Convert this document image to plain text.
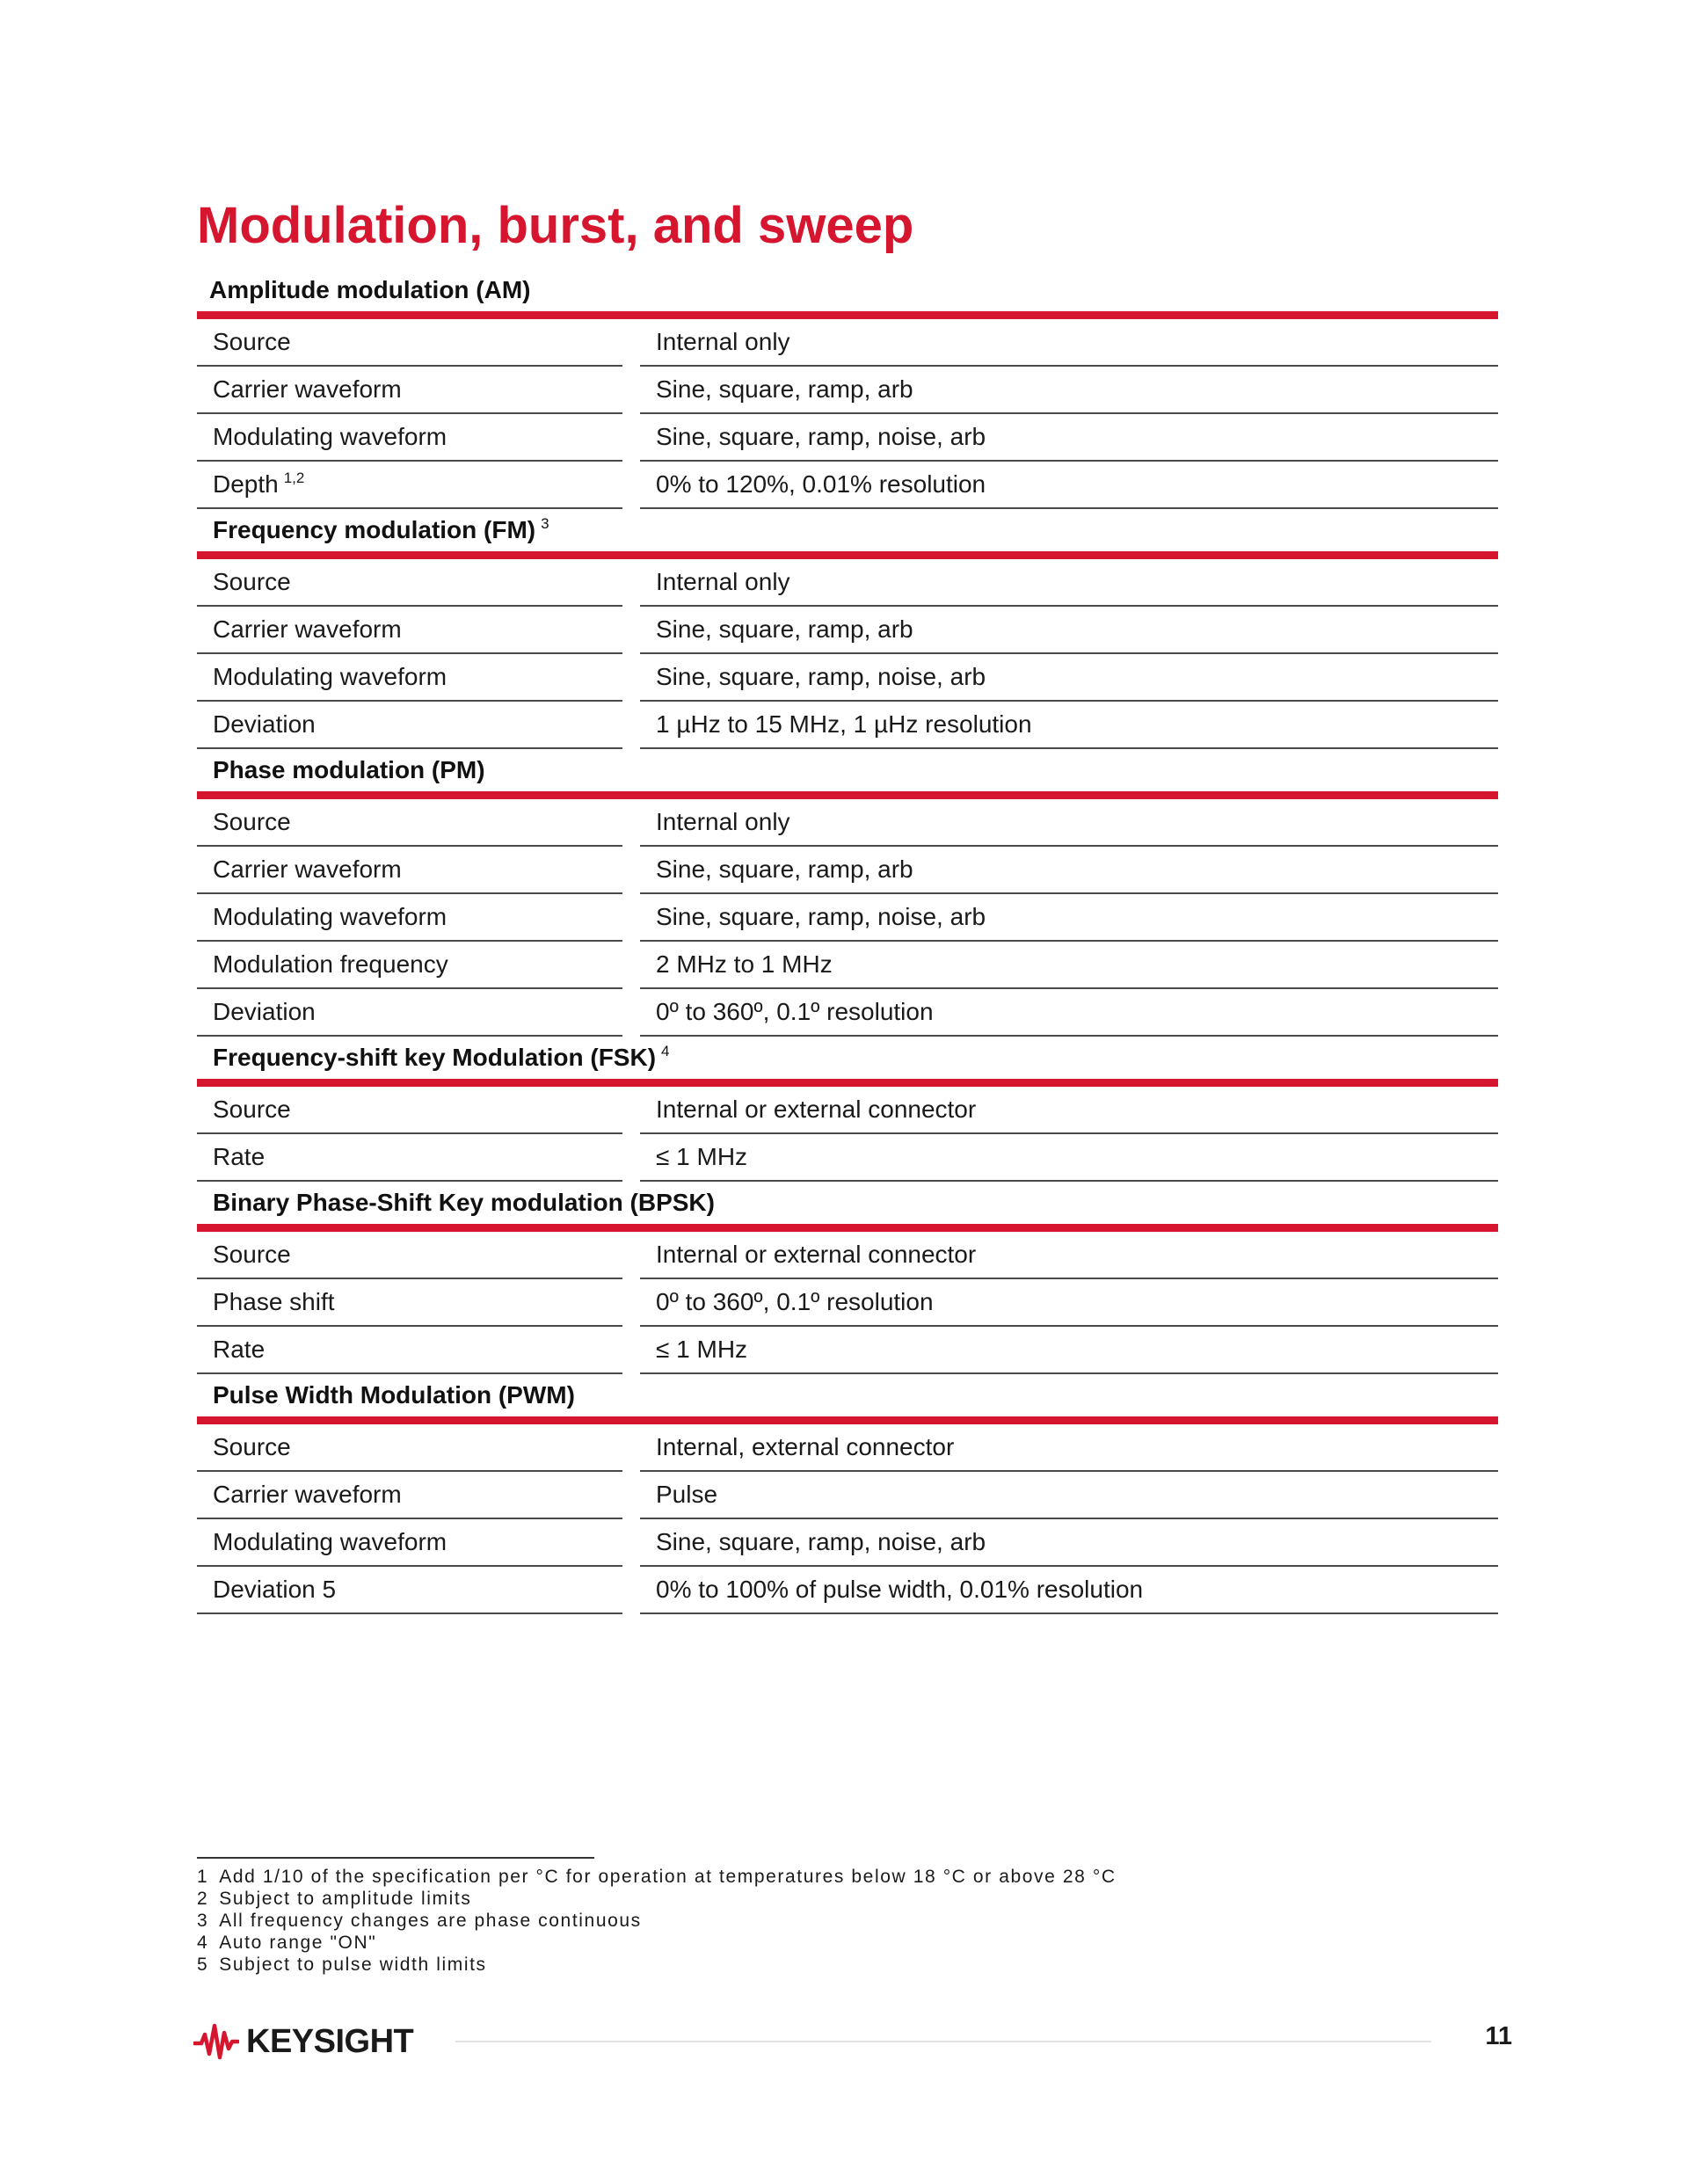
Modulation, burst, and sweep
Amplitude modulation (AM)
Source	Internal only
Carrier waveform	Sine, square, ramp, arb
Modulating waveform	Sine, square, ramp, noise, arb
Depth $^{1,2}$	0% to 120%, 0.01% resolution
Frequency modulation (FM) $^3$
Source	Internal only
Carrier waveform	Sine, square, ramp, arb
Modulating waveform	Sine, square, ramp, noise, arb
Deviation	1 µHz to 15 MHz, 1 µHz resolution
Phase modulation (PM)
Source	Internal only
Carrier waveform	Sine, square, ramp, arb
Modulating waveform	Sine, square, ramp, noise, arb
Modulation frequency	2 MHz to 1 MHz
Deviation	0º to 360º, 0.1º resolution
Frequency-shift key Modulation (FSK) $^4$
Source	Internal or external connector
Rate	≤ 1 MHz
Binary Phase-Shift Key modulation (BPSK)
Source	Internal or external connector
Phase shift	0º to 360º, 0.1º resolution
Rate	≤ 1 MHz
Pulse Width Modulation (PWM)
Source	Internal, external connector
Carrier waveform	Pulse
Modulating waveform	Sine, square, ramp, noise, arb
Deviation 5	0% to 100% of pulse width, 0.01% resolution
1 Add 1/10 of the specification per °C for operation at temperatures below 18 °C or above 28 °C
2 Subject to amplitude limits
3 All frequency changes are phase continuous
4 Auto range "ON"
5 Subject to pulse width limits
KEYSIGHT	11
